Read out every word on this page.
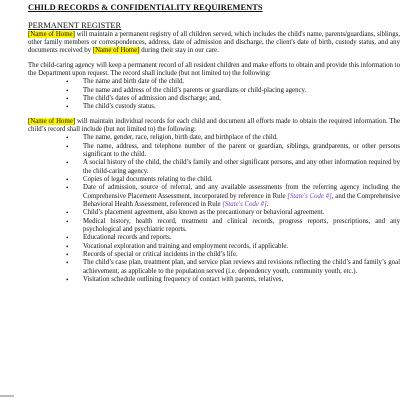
CHILD RECORDS & CONFIDENTIALITY REQUIREMENTS
PERMANENT REGISTER

[Name of Home] will maintain a permanent registry of all children served, which includes the child's name, parents/guardians, siblings, other family members or correspondences, address, date of admission and discharge, the client's date of birth, custody status, and any documents received by [Name of Home] during their stay in our care.

The child-caring agency will keep a permanent record of all resident children and make efforts to obtain and provide this information to the Department upon request. The record shall include (but not limited to) the following:

• The name and birth date of the child.
• The name and address of the child’s parents or guardians or child-placing agency.
• The child’s dates of admission and discharge; and,
• The child’s custody status.

[Name of Home] will maintain individual records for each child and document all efforts made to obtain the required information. The child’s record shall include (but not limited to) the following:

• The name, gender, race, religion, birth date, and birthplace of the child.
• The name, address, and telephone number of the parent or guardian, siblings, grandparents, or other persons significant to the child.
• A social history of the child, the child’s family and other significant persons, and any other information required by the child-caring agency.
• Copies of legal documents relating to the child.
• Date of admission, source of referral, and any available assessments from the referring agency including the Comprehensive Placement Assessment, incorporated by reference in Rule [State's Code #], and the Comprehensive Behavioral Health Assessment, referenced in Rule [State's Code #].
• Child’s placement agreement, also known as the precautionary or behavioral agreement.
• Medical history, health record, treatment and clinical records, progress reports, prescriptions, and any psychological and psychiatric reports.
• Educational records and reports.
• Vocational exploration and training and employment records, if applicable.
• Records of special or critical incidents in the child’s life.
• The child’s case plan, treatment plan, and service plan reviews and revisions reflecting the child’s and family’s goal achievement, as applicable to the population served (i.e. dependency youth, community youth, etc.).
• Visitation schedule outlining frequency of contact with parents, relatives,
